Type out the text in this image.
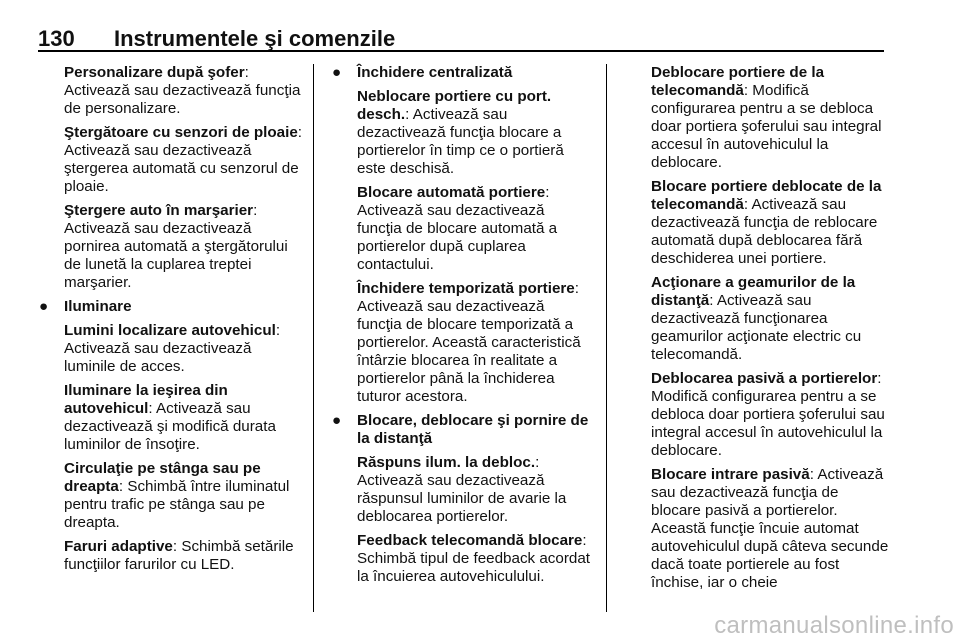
130 Instrumentele şi comenzile

Personalizare după şofer: Activează sau dezactivează funcţia de personalizare.

Ştergătoare cu senzori de ploaie: Activează sau dezactivează ştergerea automată cu senzorul de ploaie.

Ştergere auto în marşarier: Activează sau dezactivează pornirea automată a ştergătorului de lunetă la cuplarea treptei marşarier.

● Iluminare

Lumini localizare autovehicul: Activează sau dezactivează luminile de acces.

Iluminare la ieşirea din autovehicul: Activează sau dezactivează şi modifică durata luminilor de însoţire.

Circulaţie pe stânga sau pe dreapta: Schimbă între iluminatul pentru trafic pe stânga sau pe dreapta.

Faruri adaptive: Schimbă setările funcţiilor farurilor cu LED.

● Închidere centralizată

Neblocare portiere cu port. desch.: Activează sau dezactivează funcţia blocare a portierelor în timp ce o portieră este deschisă.

Blocare automată portiere: Activează sau dezactivează funcţia de blocare automată a portierelor după cuplarea contactului.

Închidere temporizată portiere: Activează sau dezactivează funcţia de blocare temporizată a portierelor. Această caracteristică întârzie blocarea în realitate a portierelor până la închiderea tuturor acestora.

● Blocare, deblocare şi pornire de la distanţă

Răspuns ilum. la debloc.: Activează sau dezactivează răspunsul luminilor de avarie la deblocarea portierelor.

Feedback telecomandă blocare: Schimbă tipul de feedback acordat la încuierea autovehiculului.

Deblocare portiere de la telecomandă: Modifică configurarea pentru a se debloca doar portiera şoferului sau integral accesul în autovehiculul la deblocare.

Blocare portiere deblocate de la telecomandă: Activează sau dezactivează funcţia de reblocare automată după deblocarea fără deschiderea unei portiere.

Acţionare a geamurilor de la distanţă: Activează sau dezactivează funcţionarea geamurilor acţionate electric cu telecomandă.

Deblocarea pasivă a portierelor: Modifică configurarea pentru a se debloca doar portiera şoferului sau integral accesul în autovehiculul la deblocare.

Blocare intrare pasivă: Activează sau dezactivează funcţia de blocare pasivă a portierelor. Această funcţie încuie automat autovehiculul după câteva secunde dacă toate portierele au fost închise, iar o cheie

carmanualsonline.info
